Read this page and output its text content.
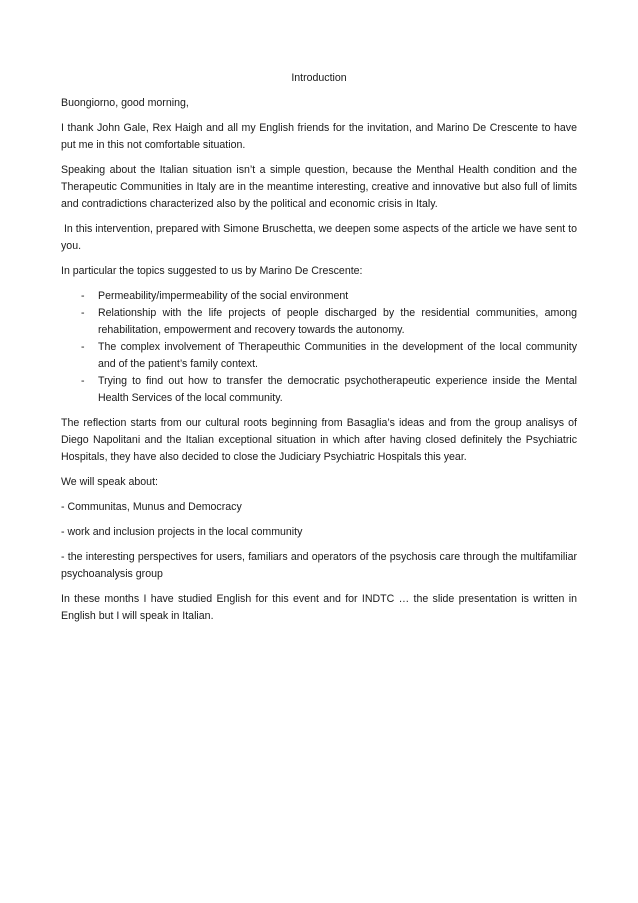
Introduction

Buongiorno, good morning,

I thank John Gale, Rex Haigh and all my English friends for the invitation, and Marino De Crescente to have put me in this not comfortable situation.

Speaking about the Italian situation isn’t a simple question, because the Menthal Health condition and the Therapeutic Communities in Italy are in the meantime interesting, creative and innovative but also full of limits and contradictions characterized also by the political and economic crisis in Italy.

In this intervention, prepared with Simone Bruschetta, we deepen some aspects of the article we have sent to you.

In particular the topics suggested to us by Marino De Crescente:

- Permeability/impermeability of the social environment
- Relationship with the life projects of people discharged by the residential communities, among rehabilitation, empowerment and recovery towards the autonomy.
- The complex involvement of Therapeuthic Communities in the development of the local community and of the patient’s family context.
- Trying to find out how to transfer the democratic psychotherapeutic experience inside the Mental Health Services of the local community.

The reflection starts from our cultural roots beginning from Basaglia’s ideas and from the group analisys of Diego Napolitani and the Italian exceptional situation in which after having closed definitely the Psychiatric Hospitals, they have also decided to close the Judiciary Psychiatric Hospitals this year.

We will speak about:

- Communitas, Munus and Democracy

- work and inclusion projects in the local community

- the interesting perspectives for users, familiars and operators of the psychosis care through the multifamiliar psychoanalysis group

In these months I have studied English for this event and for INDTC … the slide presentation is written in English but I will speak in Italian.
